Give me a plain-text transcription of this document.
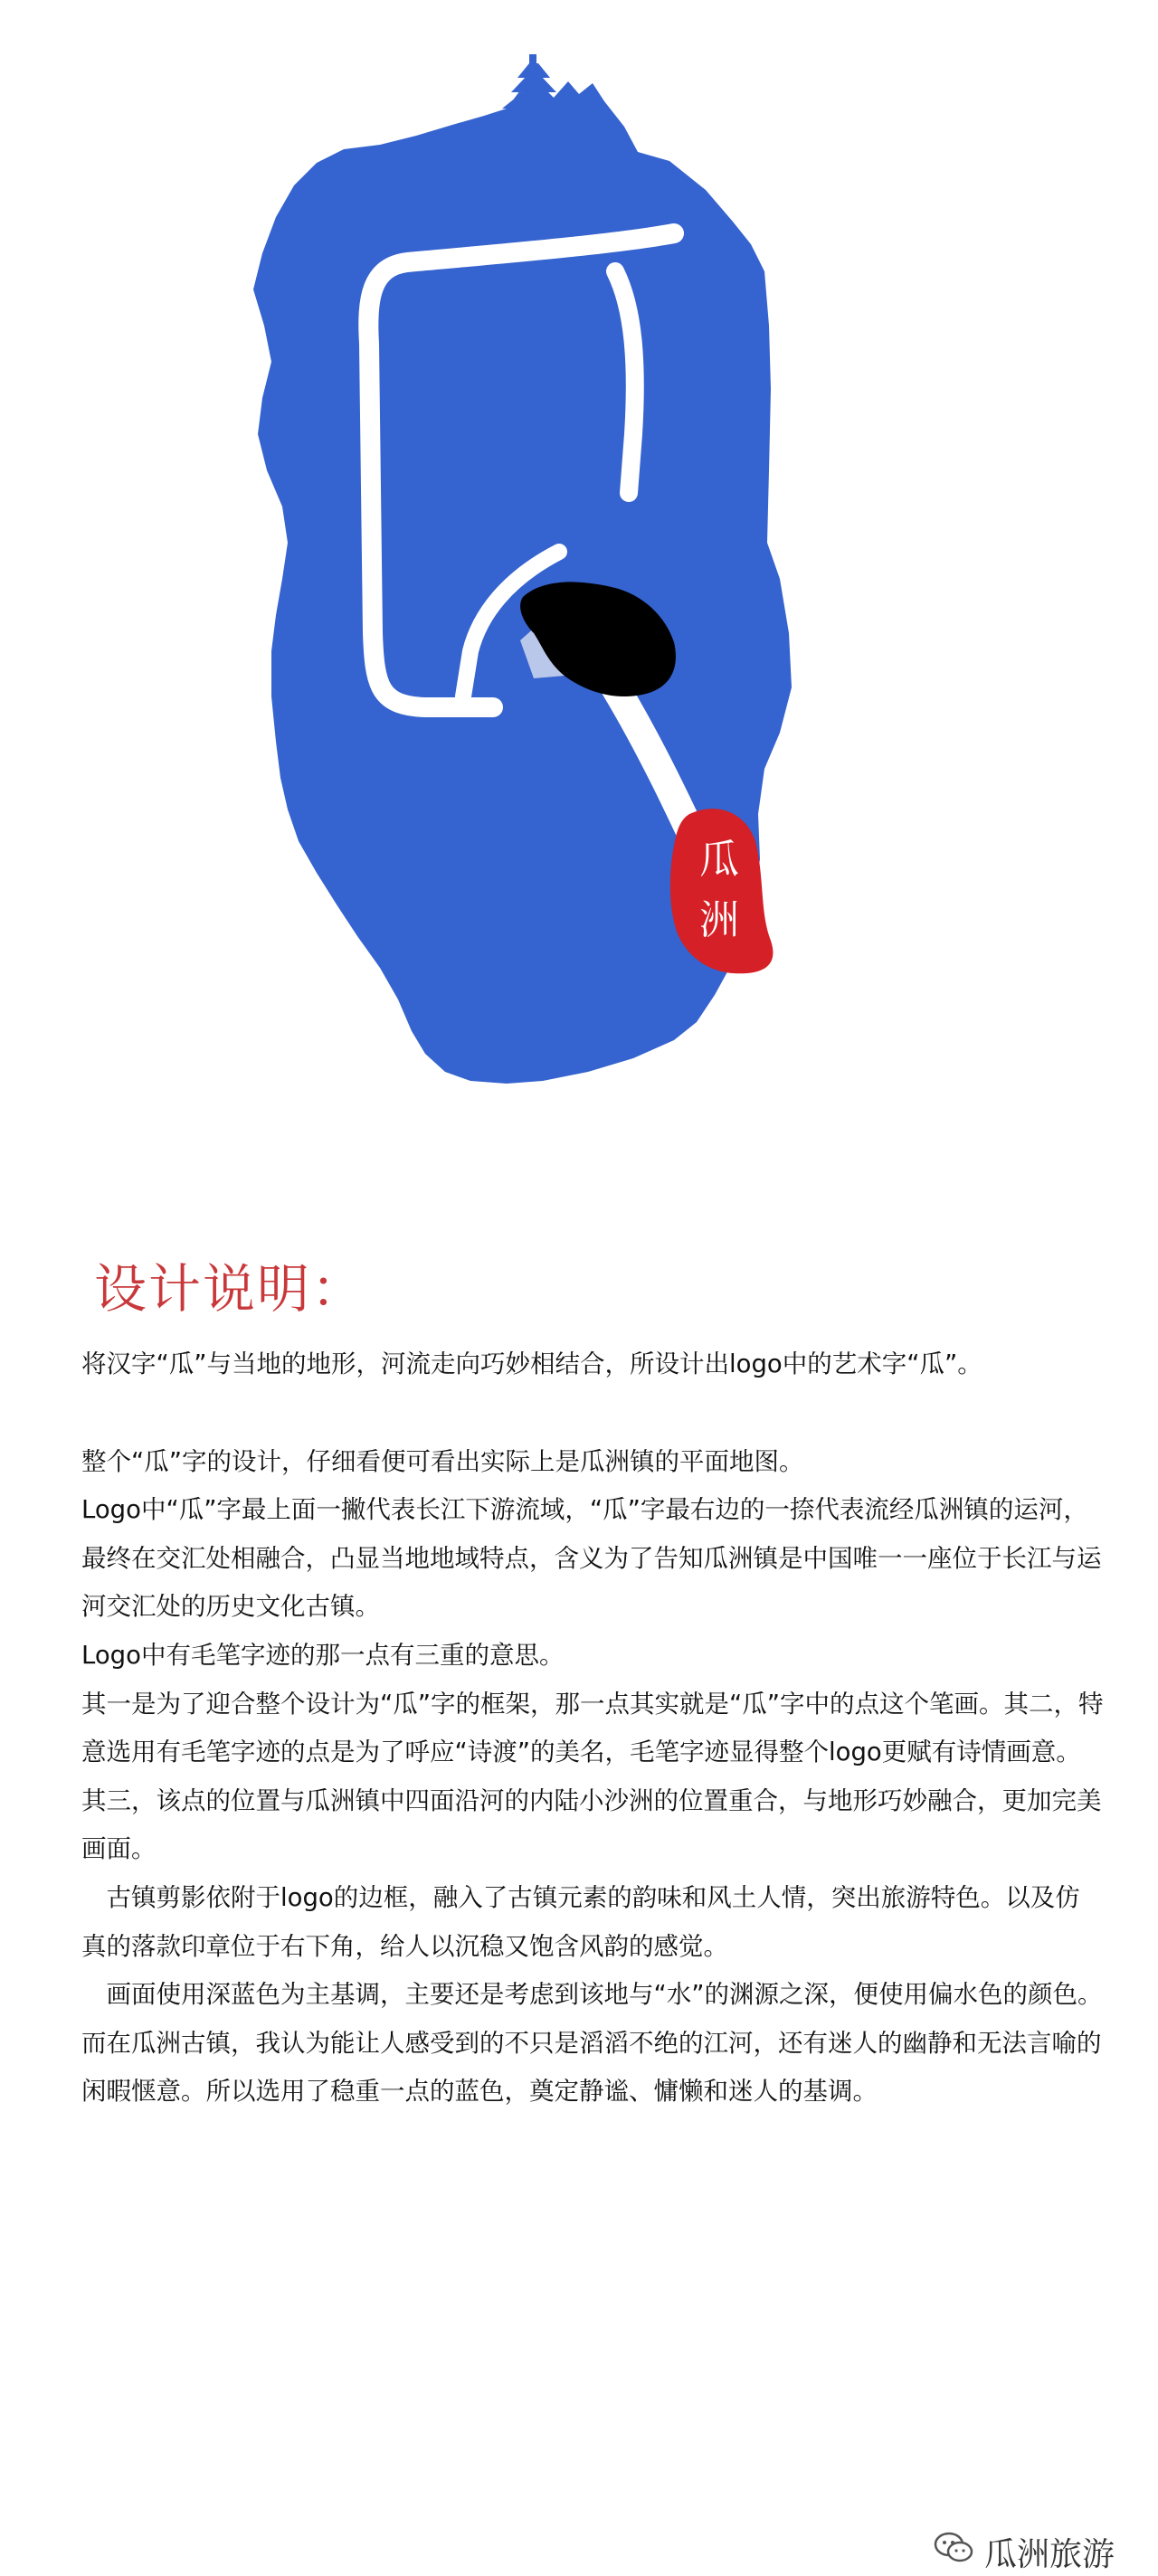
瓜
洲
设计说明：

将汉字“瓜”与当地的地形，河流走向巧妙相结合，所设计出logo中的艺术字“瓜”。

整个“瓜”字的设计，仔细看便可看出实际上是瓜洲镇的平面地图。

Logo中“瓜”字最上面一撇代表长江下游流域，“瓜”字最右边的一捺代表流经瓜洲镇的运河，最终在交汇处相融合，凸显当地地域特点，含义为了告知瓜洲镇是中国唯一一座位于长江与运河交汇处的历史文化古镇。

Logo中有毛笔字迹的那一点有三重的意思。

其一是为了迎合整个设计为“瓜”字的框架，那一点其实就是“瓜”字中的点这个笔画。其二，特意选用有毛笔字迹的点是为了呼应“诗渡”的美名，毛笔字迹显得整个logo更赋有诗情画意。其三，该点的位置与瓜洲镇中四面沿河的内陆小沙洲的位置重合，与地形巧妙融合，更加完美画面。

　古镇剪影依附于logo的边框，融入了古镇元素的韵味和风土人情，突出旅游特色。以及仿真的落款印章位于右下角，给人以沉稳又饱含风韵的感觉。

　画面使用深蓝色为主基调，主要还是考虑到该地与“水”的渊源之深，便使用偏水色的颜色。而在瓜洲古镇，我认为能让人感受到的不只是滔滔不绝的江河，还有迷人的幽静和无法言喻的闲暇惬意。所以选用了稳重一点的蓝色，奠定静谧、慵懒和迷人的基调。

瓜洲旅游
